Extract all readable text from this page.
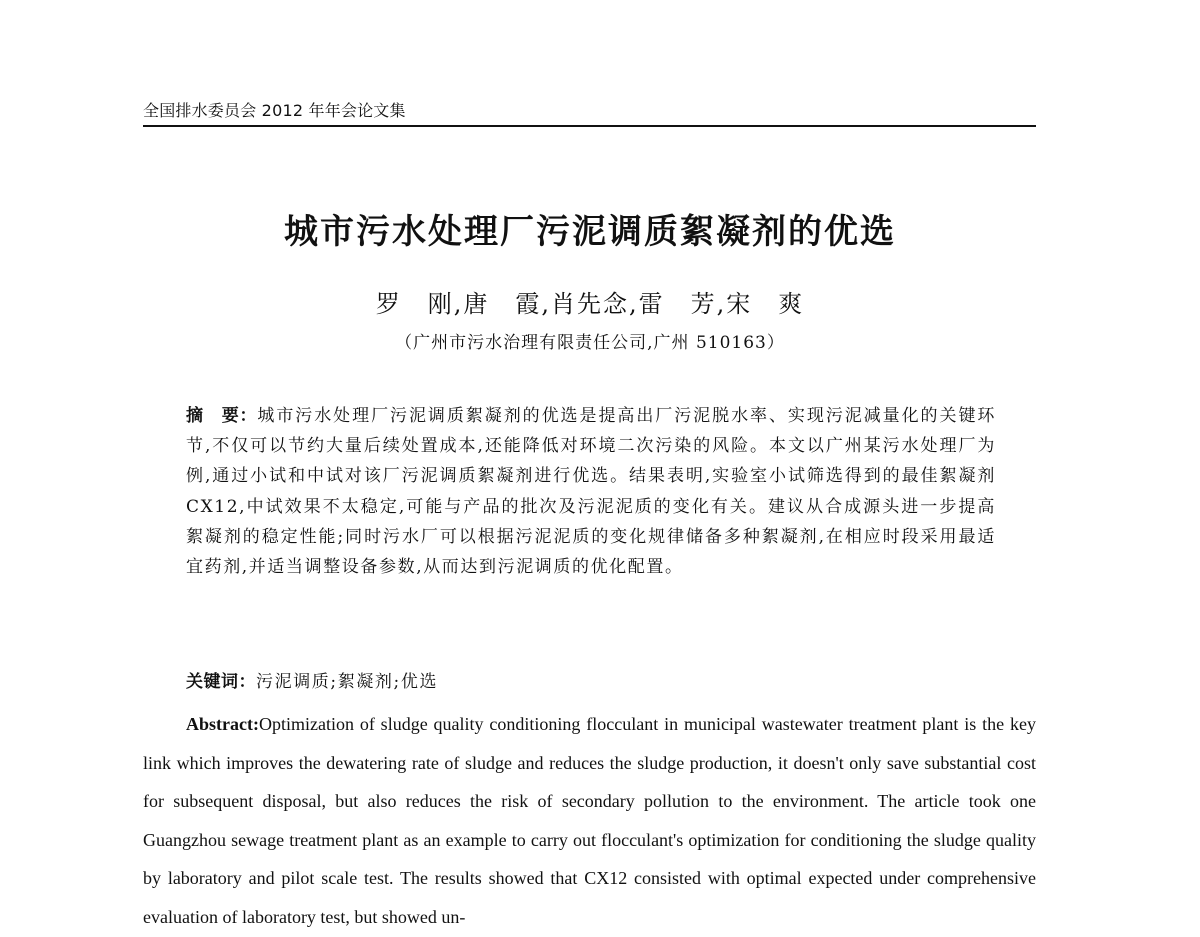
全国排水委员会 2012 年年会论文集
城市污水处理厂污泥调质絮凝剂的优选
罗　刚,唐　霞,肖先念,雷　芳,宋　爽
（广州市污水治理有限责任公司,广州 510163）
摘　要：城市污水处理厂污泥调质絮凝剂的优选是提高出厂污泥脱水率、实现污泥减量化的关键环节,不仅可以节约大量后续处置成本,还能降低对环境二次污染的风险。本文以广州某污水处理厂为例,通过小试和中试对该厂污泥调质絮凝剂进行优选。结果表明,实验室小试筛选得到的最佳絮凝剂 CX12,中试效果不太稳定,可能与产品的批次及污泥泥质的变化有关。建议从合成源头进一步提高絮凝剂的稳定性能;同时污水厂可以根据污泥泥质的变化规律储备多种絮凝剂,在相应时段采用最适宜药剂,并适当调整设备参数,从而达到污泥调质的优化配置。
关键词：污泥调质;絮凝剂;优选
Abstract:Optimization of sludge quality conditioning flocculant in municipal wastewater treatment plant is the key link which improves the dewatering rate of sludge and reduces the sludge production, it doesn't only save substantial cost for subsequent disposal, but also reduces the risk of secondary pollution to the environment. The article took one Guangzhou sewage treatment plant as an example to carry out flocculant's optimization for conditioning the sludge quality by laboratory and pilot scale test. The results showed that CX12 consisted with optimal expected under comprehensive evaluation of laboratory test, but showed un-
